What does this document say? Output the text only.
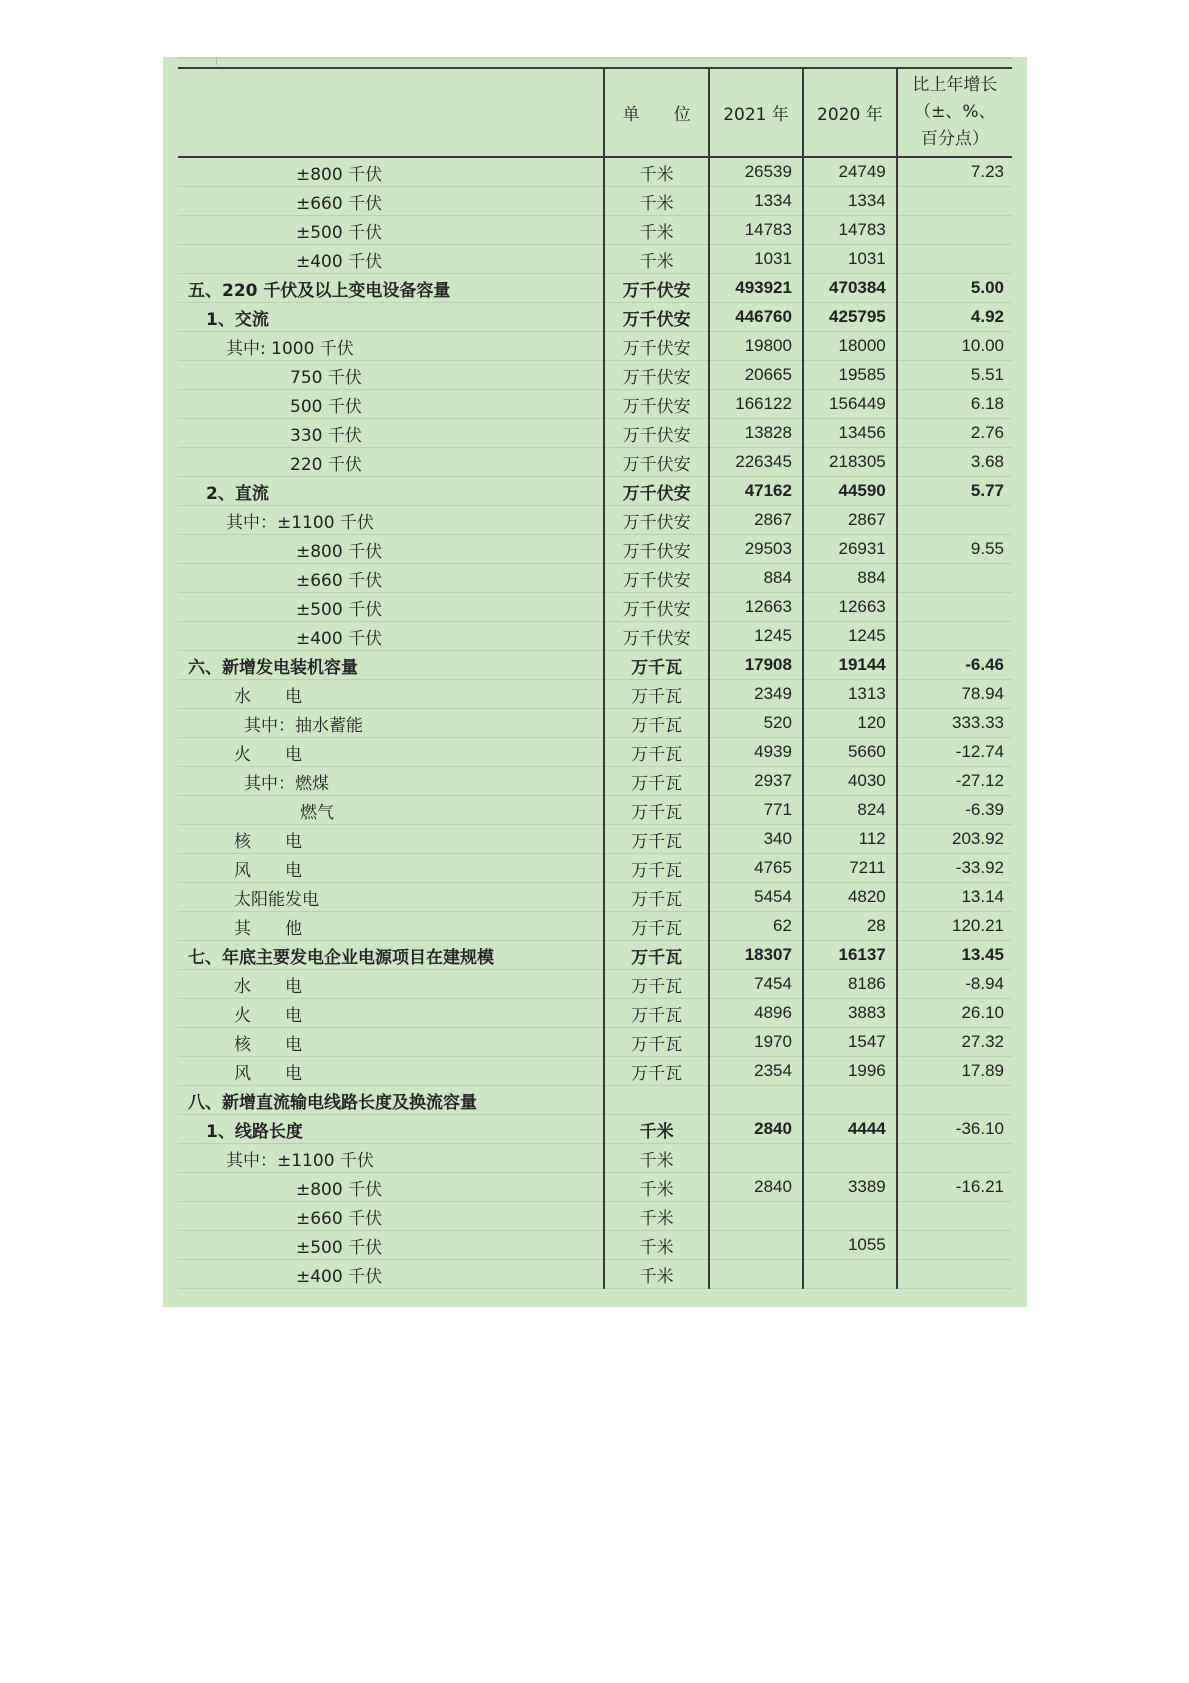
	单　　位	2021 年	2020 年	比上年增长
（±、%、
百分点）

±800 千伏	千米	26539	24749	7.23
±660 千伏	千米	1334	1334	
±500 千伏	千米	14783	14783	
±400 千伏	千米	1031	1031	
五、220 千伏及以上变电设备容量	万千伏安	493921	470384	5.00
1、交流	万千伏安	446760	425795	4.92
其中: 1000 千伏	万千伏安	19800	18000	10.00
750 千伏	万千伏安	20665	19585	5.51
500 千伏	万千伏安	166122	156449	6.18
330 千伏	万千伏安	13828	13456	2.76
220 千伏	万千伏安	226345	218305	3.68
2、直流	万千伏安	47162	44590	5.77
其中：±1100 千伏	万千伏安	2867	2867	
±800 千伏	万千伏安	29503	26931	9.55
±660 千伏	万千伏安	884	884	
±500 千伏	万千伏安	12663	12663	
±400 千伏	万千伏安	1245	1245	
六、新增发电装机容量	万千瓦	17908	19144	-6.46
水　　电	万千瓦	2349	1313	78.94
其中：抽水蓄能	万千瓦	520	120	333.33
火　　电	万千瓦	4939	5660	-12.74
其中：燃煤	万千瓦	2937	4030	-27.12
燃气	万千瓦	771	824	-6.39
核　　电	万千瓦	340	112	203.92
风　　电	万千瓦	4765	7211	-33.92
太阳能发电	万千瓦	5454	4820	13.14
其　　他	万千瓦	62	28	120.21
七、年底主要发电企业电源项目在建规模	万千瓦	18307	16137	13.45
水　　电	万千瓦	7454	8186	-8.94
火　　电	万千瓦	4896	3883	26.10
核　　电	万千瓦	1970	1547	27.32
风　　电	万千瓦	2354	1996	17.89
八、新增直流输电线路长度及换流容量				
1、线路长度	千米	2840	4444	-36.10
其中：±1100 千伏	千米			
±800 千伏	千米	2840	3389	-16.21
±660 千伏	千米			
±500 千伏	千米		1055	
±400 千伏	千米			
